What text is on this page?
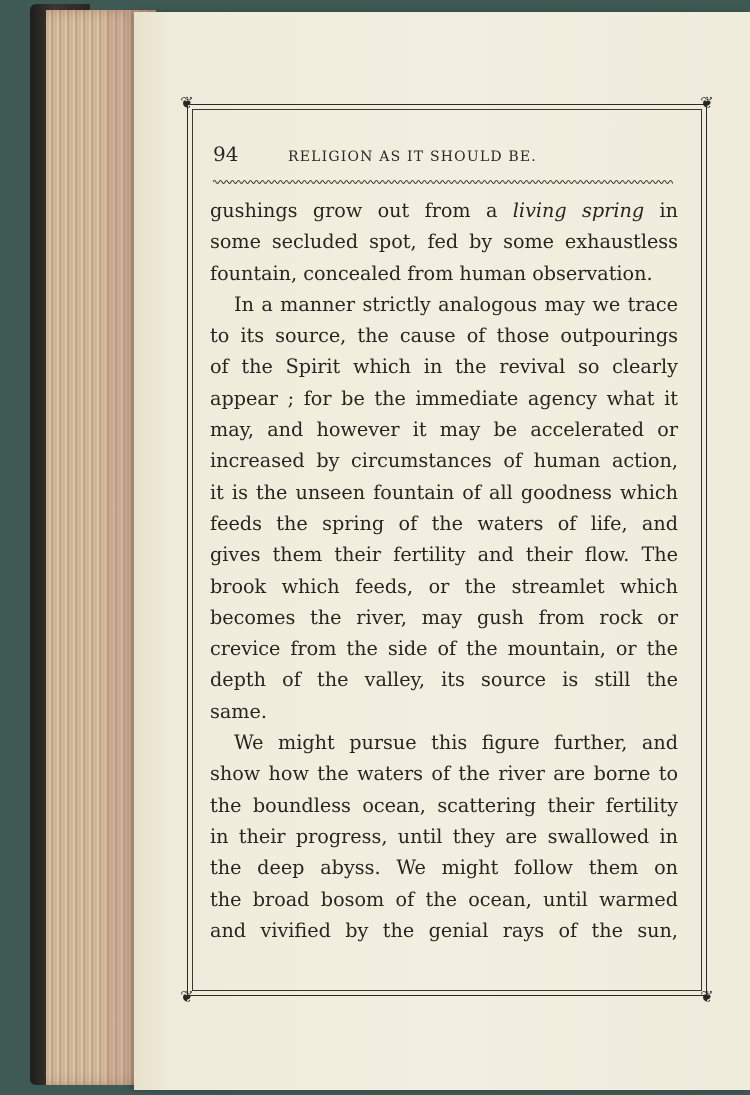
❦	❦
❦	❦
94	RELIGION AS IT SHOULD BE.
gushings grow out from a living spring in
some secluded spot, fed by some exhaustless
fountain, concealed from human observation.
In a manner strictly analogous may we trace
to its source, the cause of those outpourings
of the Spirit which in the revival so clearly
appear ; for be the immediate agency what it
may, and however it may be accelerated or
increased by circumstances of human action,
it is the unseen fountain of all goodness which
feeds the spring of the waters of life, and
gives them their fertility and their flow. The
brook which feeds, or the streamlet which
becomes the river, may gush from rock or
crevice from the side of the mountain, or the
depth of the valley, its source is still the
same.
We might pursue this figure further, and
show how the waters of the river are borne to
the boundless ocean, scattering their fertility
in their progress, until they are swallowed in
the deep abyss. We might follow them on
the broad bosom of the ocean, until warmed
and vivified by the genial rays of the sun,
